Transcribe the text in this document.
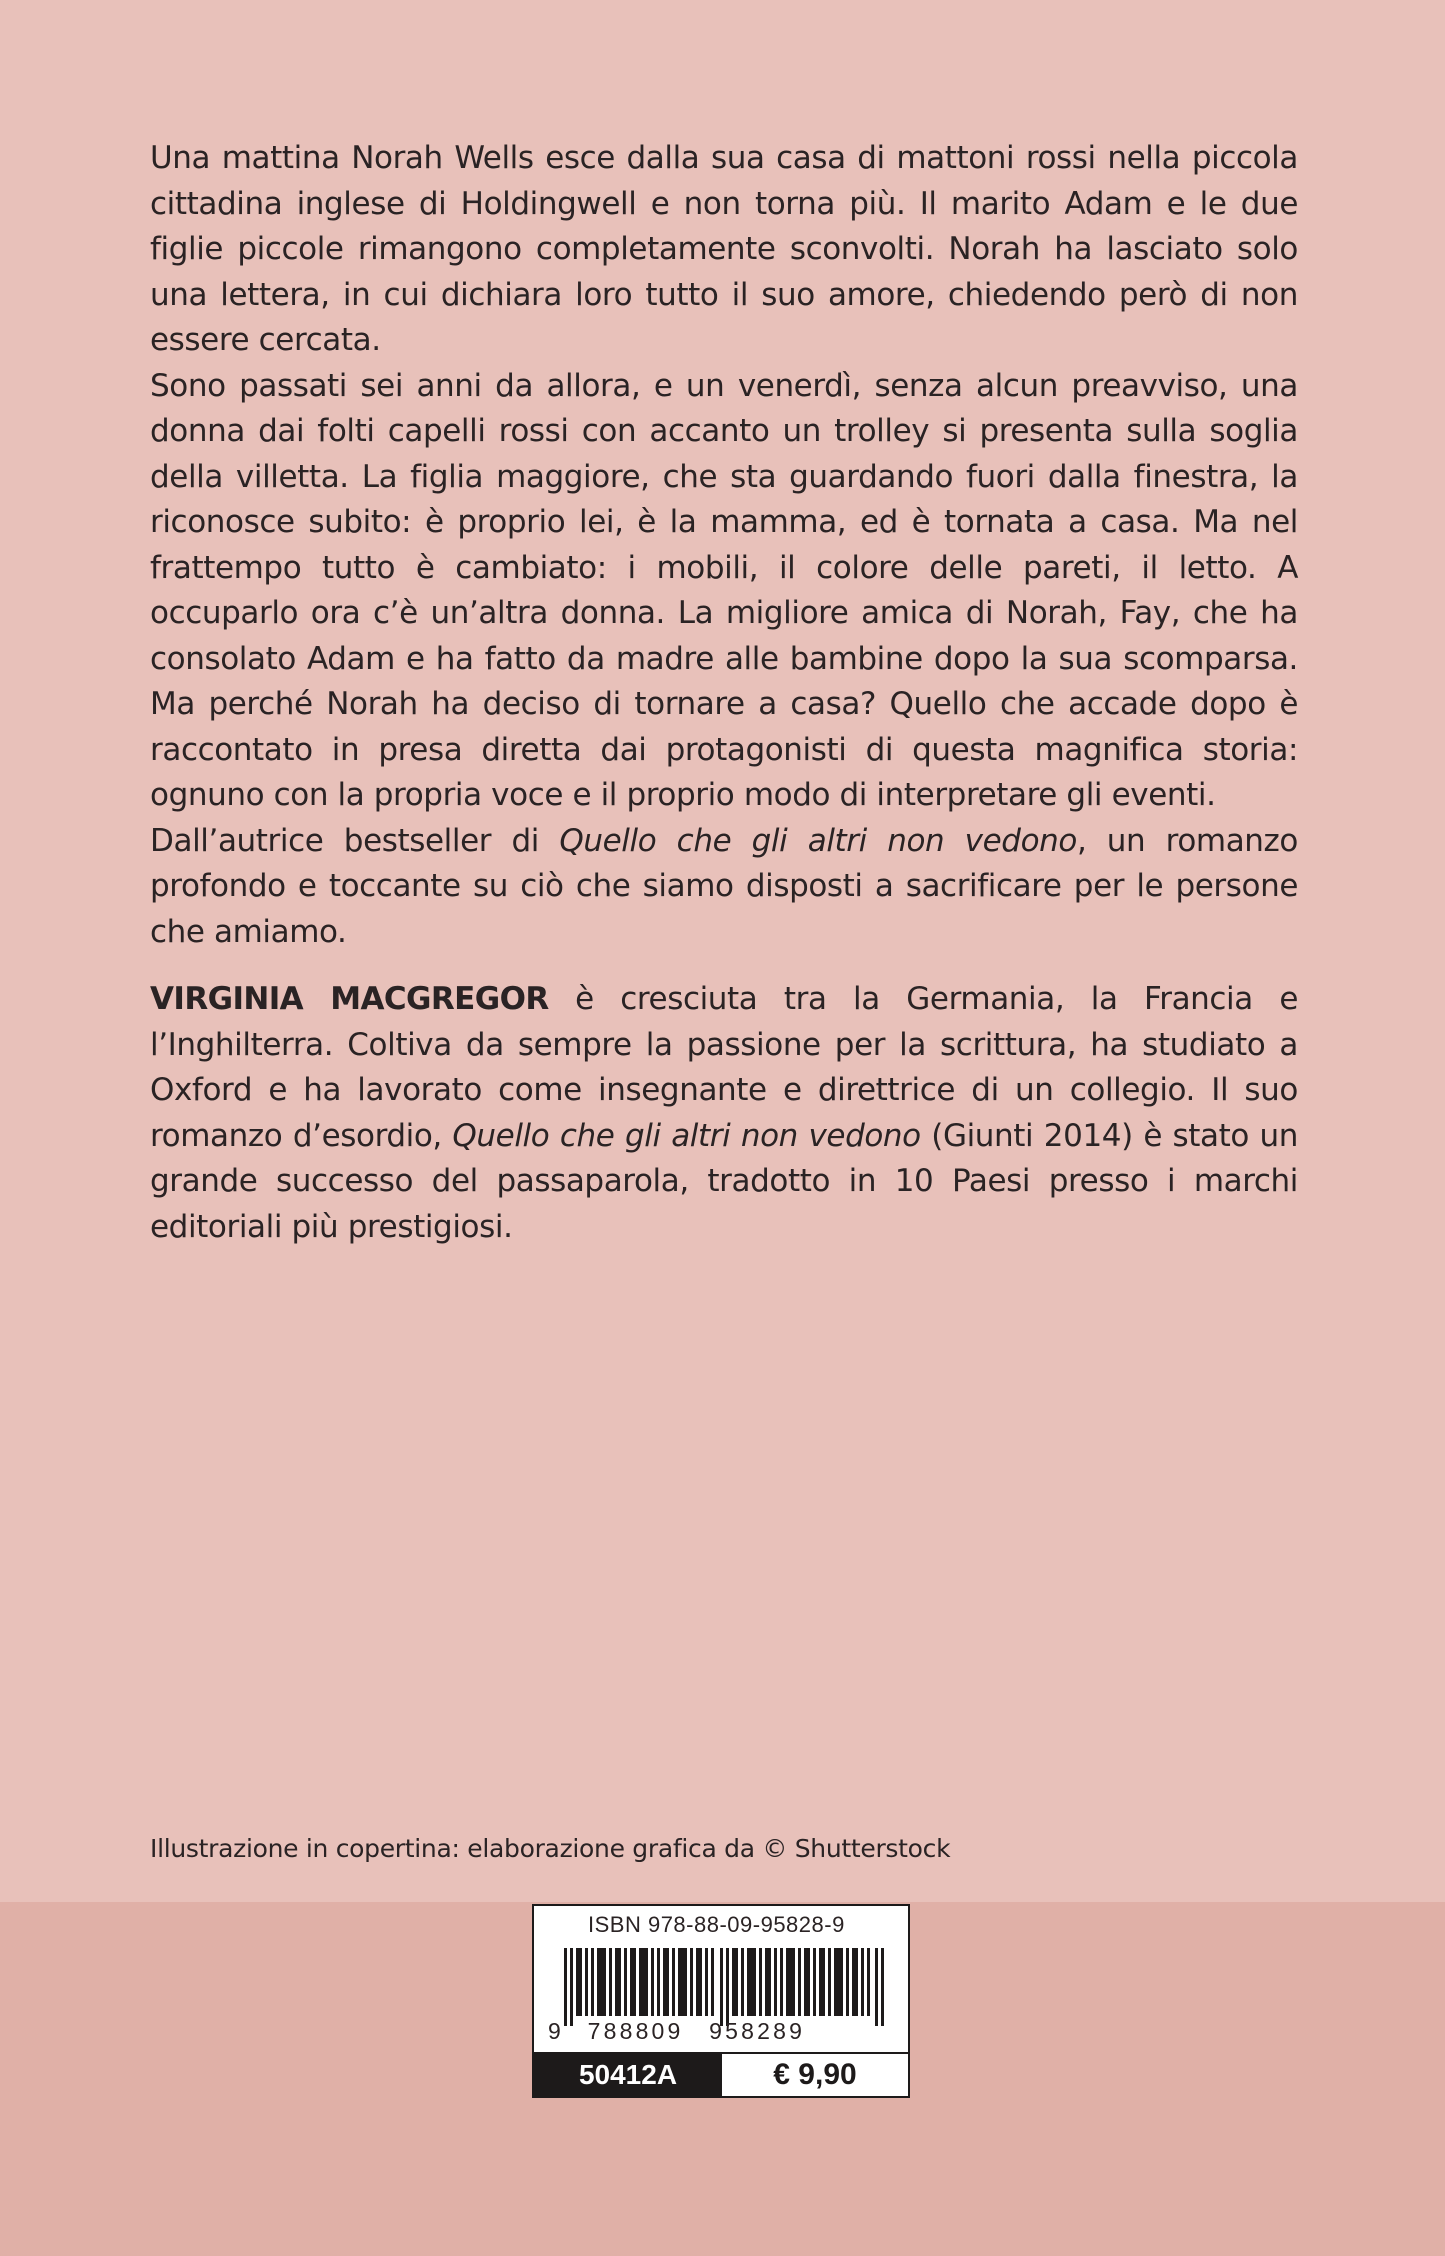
Una mattina Norah Wells esce dalla sua casa di mattoni rossi nella piccola cittadina inglese di Holdingwell e non torna più. Il marito Adam e le due figlie piccole rimangono completamente sconvolti. Norah ha lasciato solo una lettera, in cui dichiara loro tutto il suo amore, chiedendo però di non essere cercata.

Sono passati sei anni da allora, e un venerdì, senza alcun preavviso, una donna dai folti capelli rossi con accanto un trolley si presenta sulla soglia della villetta. La figlia maggiore, che sta guardando fuori dalla finestra, la riconosce subito: è proprio lei, è la mamma, ed è tornata a casa. Ma nel frattempo tutto è cambiato: i mobili, il colore delle pareti, il letto. A occuparlo ora c’è un’altra donna. La migliore amica di Norah, Fay, che ha consolato Adam e ha fatto da madre alle bambine dopo la sua scomparsa. Ma perché Norah ha deciso di tornare a casa? Quello che accade dopo è raccontato in presa diretta dai protagonisti di questa magnifica storia: ognuno con la propria voce e il proprio modo di interpretare gli eventi.

Dall’autrice bestseller di Quello che gli altri non vedono, un romanzo profondo e toccante su ciò che siamo disposti a sacrificare per le persone che amiamo.

VIRGINIA MACGREGOR è cresciuta tra la Germania, la Francia e l’Inghilterra. Coltiva da sempre la passione per la scrittura, ha studiato a Oxford e ha lavorato come insegnante e direttrice di un collegio. Il suo romanzo d’esordio, Quello che gli altri non vedono (Giunti 2014) è stato un grande successo del passaparola, tradotto in 10 Paesi presso i marchi editoriali più prestigiosi.
Illustrazione in copertina: elaborazione grafica da © Shutterstock
ISBN 978-88-09-95828-9
9 788809 958289
50412A	€ 9,90
